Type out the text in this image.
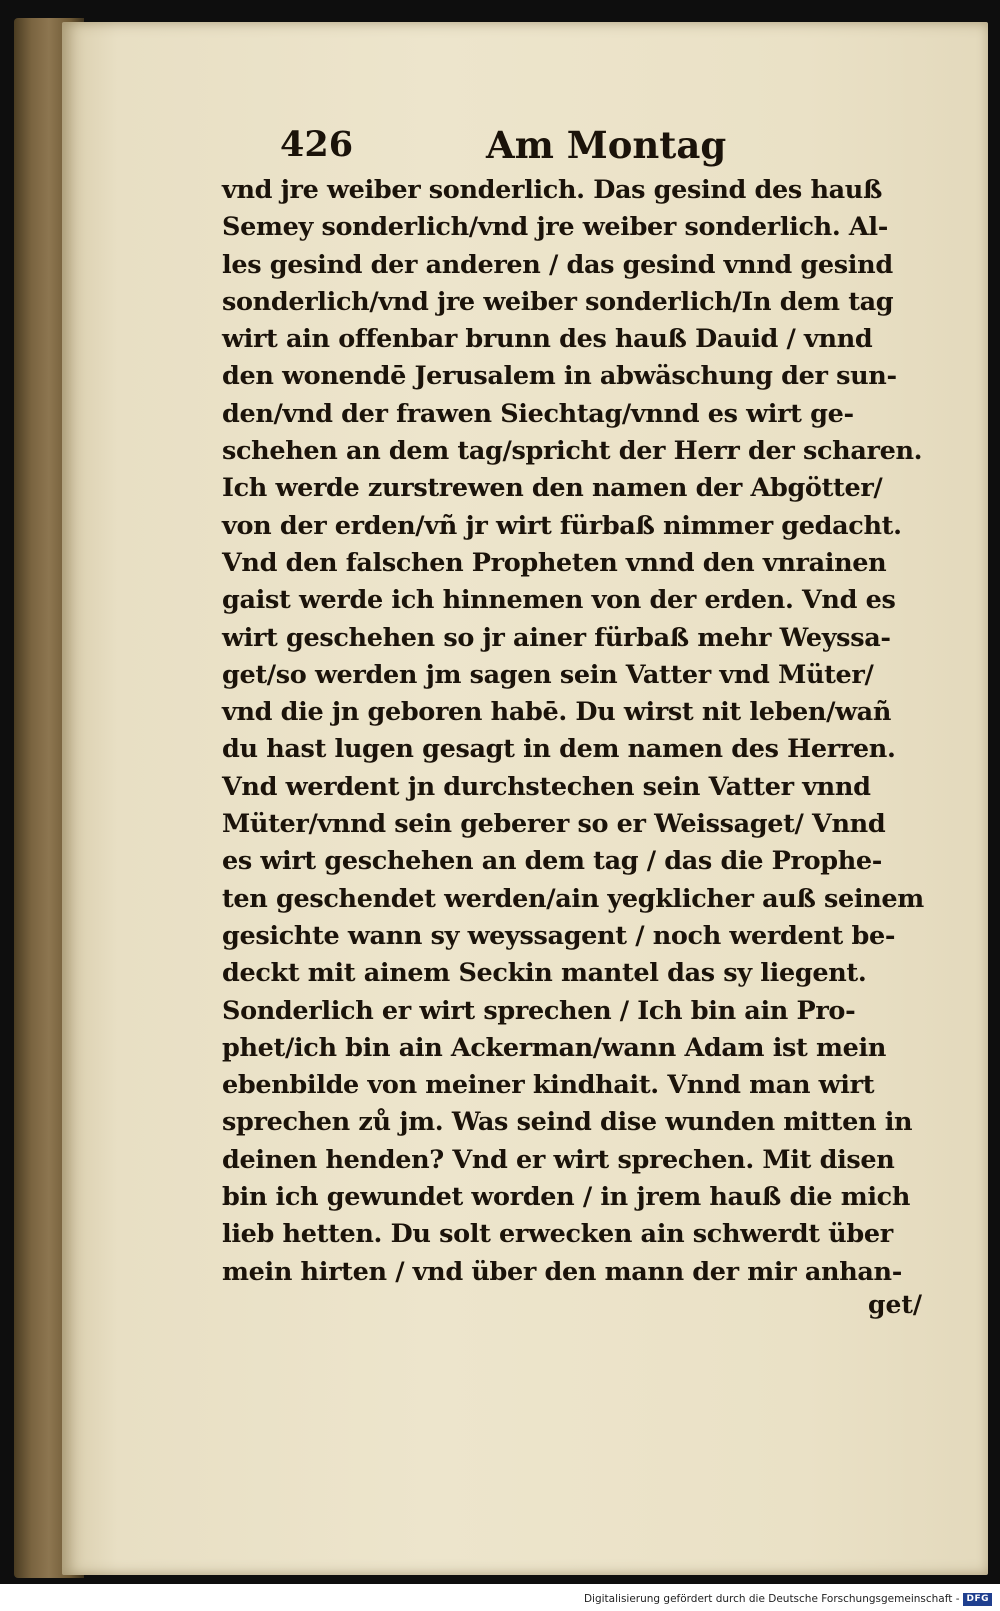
426	Am Montag
vnd jre weiber sonderlich. Das gesind des hauß
Semey sonderlich/vnd jre weiber sonderlich. Al-
les gesind der anderen / das gesind vnnd gesind
sonderlich/vnd jre weiber sonderlich/In dem tag
wirt ain offenbar brunn des hauß Dauid / vnnd
den wonendē Jerusalem in abwäschung der sun-
den/vnd der frawen Siechtag/vnnd es wirt ge-
schehen an dem tag/spricht der Herr der scharen.
Ich werde zurstrewen den namen der Abgötter/
von der erden/vñ jr wirt fürbaß nimmer gedacht.
Vnd den falschen Propheten vnnd den vnrainen
gaist werde ich hinnemen von der erden. Vnd es
wirt geschehen so jr ainer fürbaß mehr Weyssa-
get/so werden jm sagen sein Vatter vnd Müter/
vnd die jn geboren habē. Du wirst nit leben/wañ
du hast lugen gesagt in dem namen des Herren.
Vnd werdent jn durchstechen sein Vatter vnnd
Müter/vnnd sein geberer so er Weissaget/ Vnnd
es wirt geschehen an dem tag / das die Prophe-
ten geschendet werden/ain yegklicher auß seinem
gesichte wann sy weyssagent / noch werdent be-
deckt mit ainem Seckin mantel das sy liegent.
Sonderlich er wirt sprechen / Ich bin ain Pro-
phet/ich bin ain Ackerman/wann Adam ist mein
ebenbilde von meiner kindhait. Vnnd man wirt
sprechen zů jm. Was seind dise wunden mitten in
deinen henden? Vnd er wirt sprechen. Mit disen
bin ich gewundet worden / in jrem hauß die mich
lieb hetten. Du solt erwecken ain schwerdt über
mein hirten / vnd über den mann der mir anhan-
get/
Digitalisierung gefördert durch die Deutsche Forschungsgemeinschaft - DFG
